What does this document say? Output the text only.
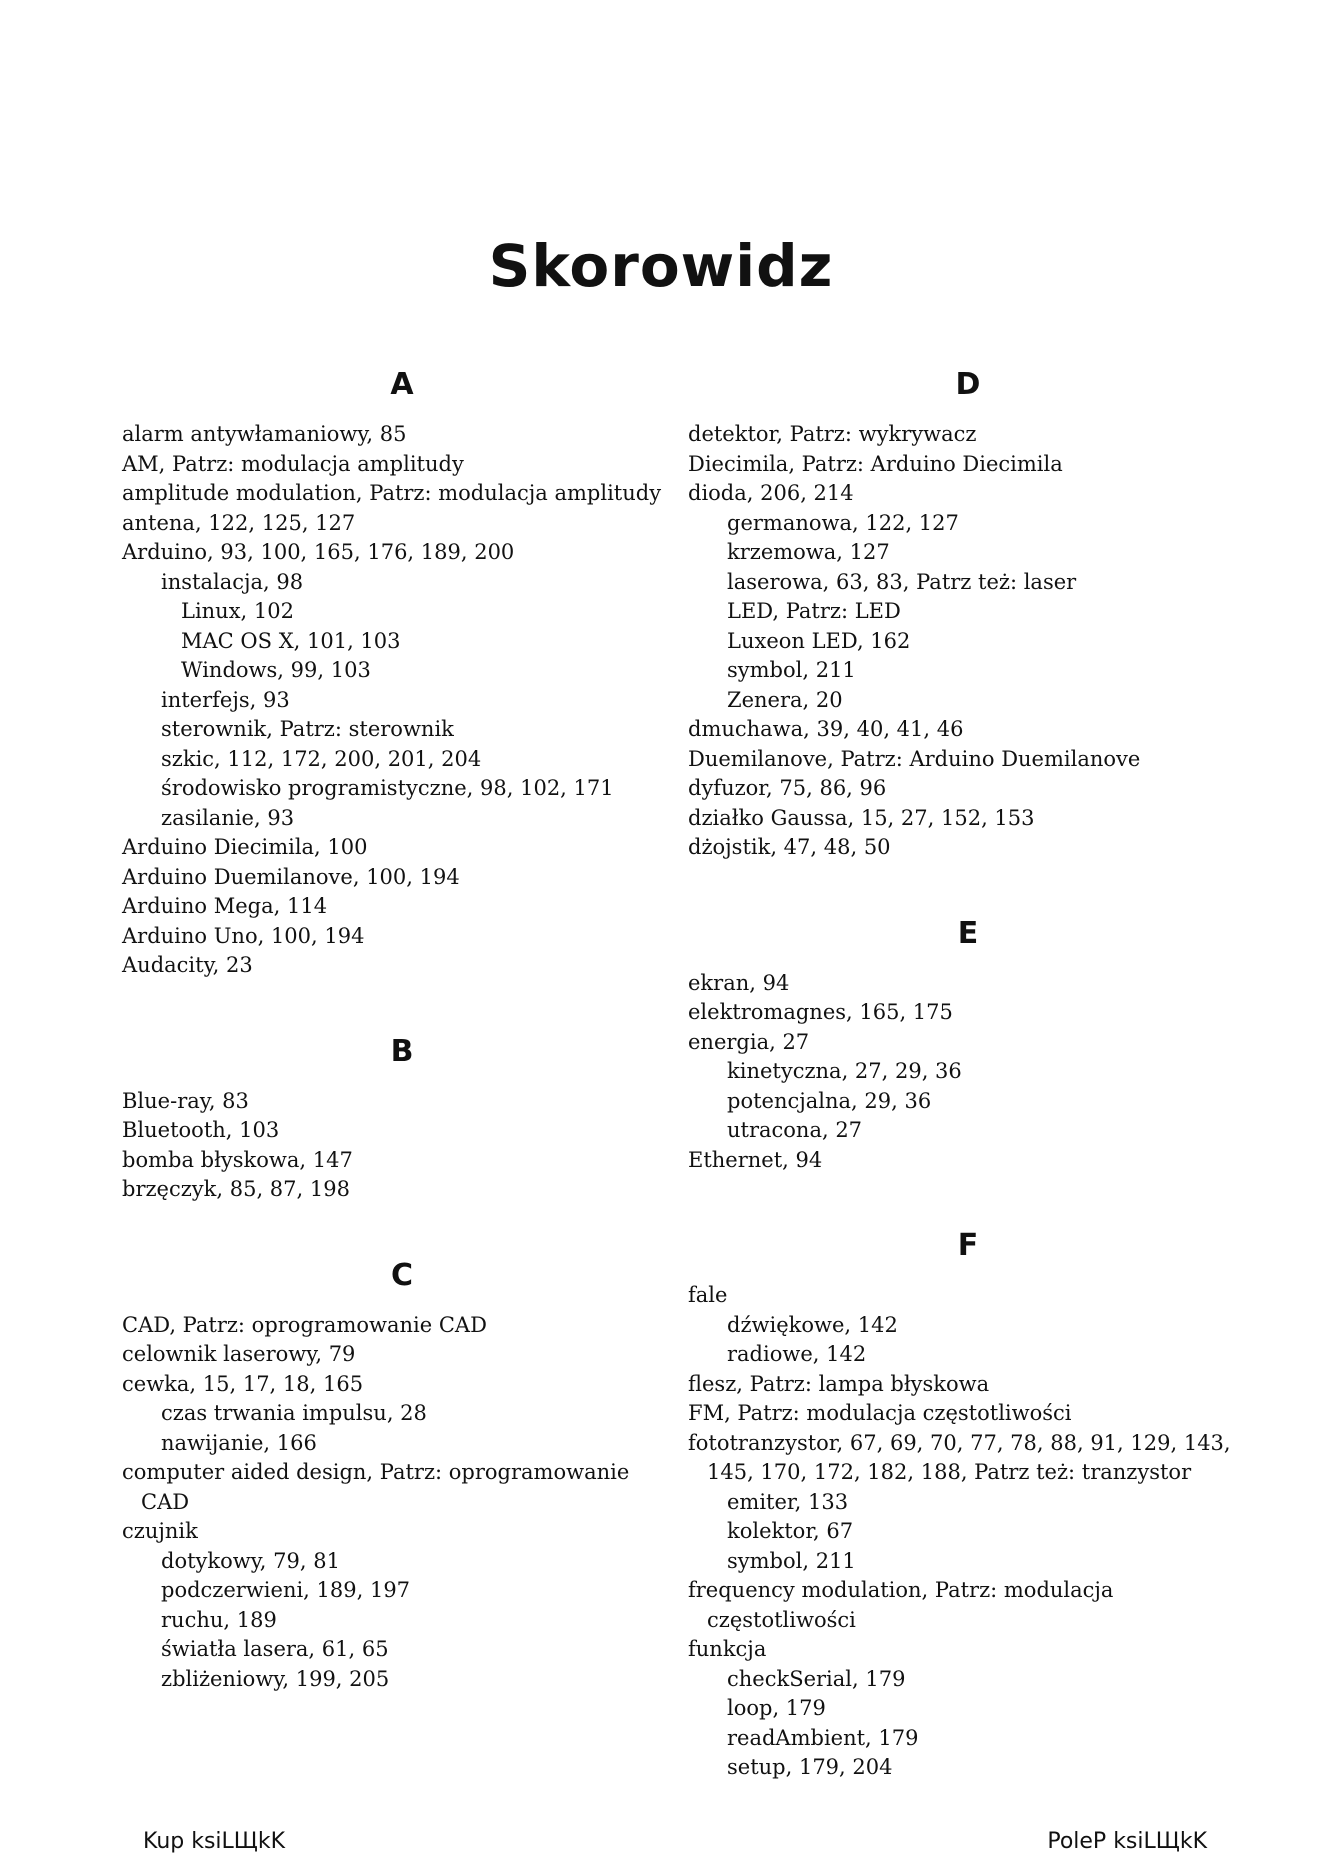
Skorowidz
A
alarm antywłamaniowy, 85
AM, Patrz: modulacja amplitudy
amplitude modulation, Patrz: modulacja amplitudy
antena, 122, 125, 127
Arduino, 93, 100, 165, 176, 189, 200
instalacja, 98
Linux, 102
MAC OS X, 101, 103
Windows, 99, 103
interfejs, 93
sterownik, Patrz: sterownik
szkic, 112, 172, 200, 201, 204
środowisko programistyczne, 98, 102, 171
zasilanie, 93
Arduino Diecimila, 100
Arduino Duemilanove, 100, 194
Arduino Mega, 114
Arduino Uno, 100, 194
Audacity, 23
B
Blue-ray, 83
Bluetooth, 103
bomba błyskowa, 147
brzęczyk, 85, 87, 198
C
CAD, Patrz: oprogramowanie CAD
celownik laserowy, 79
cewka, 15, 17, 18, 165
czas trwania impulsu, 28
nawijanie, 166
computer aided design, Patrz: oprogramowanie CAD
czujnik
dotykowy, 79, 81
podczerwieni, 189, 197
ruchu, 189
światła lasera, 61, 65
zbliżeniowy, 199, 205
D
detektor, Patrz: wykrywacz
Diecimila, Patrz: Arduino Diecimila
dioda, 206, 214
germanowa, 122, 127
krzemowa, 127
laserowa, 63, 83, Patrz też: laser
LED, Patrz: LED
Luxeon LED, 162
symbol, 211
Zenera, 20
dmuchawa, 39, 40, 41, 46
Duemilanove, Patrz: Arduino Duemilanove
dyfuzor, 75, 86, 96
działko Gaussa, 15, 27, 152, 153
dżojstik, 47, 48, 50
E
ekran, 94
elektromagnes, 165, 175
energia, 27
kinetyczna, 27, 29, 36
potencjalna, 29, 36
utracona, 27
Ethernet, 94
F
fale
dźwiękowe, 142
radiowe, 142
flesz, Patrz: lampa błyskowa
FM, Patrz: modulacja częstotliwości
fototranzystor, 67, 69, 70, 77, 78, 88, 91, 129, 143, 145, 170, 172, 182, 188, Patrz też: tranzystor
emiter, 133
kolektor, 67
symbol, 211
frequency modulation, Patrz: modulacja częstotliwości
funkcja
checkSerial, 179
loop, 179
readAmbient, 179
setup, 179, 204
Kup ksiLЩkK	PoleP ksiLЩkK
